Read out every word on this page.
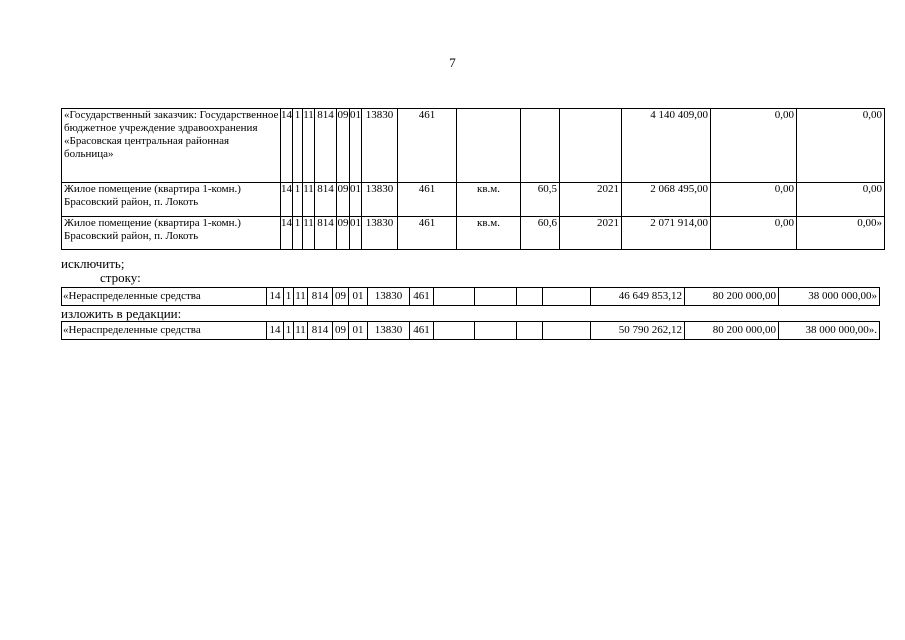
7
«Государственный заказчик: Государственное бюджетное учреждение здравоохранения «Брасовская центральная районная больница»	14	1	11	814	09	01	13830	461				4 140 409,00	0,00	0,00
Жилое помещение (квартира 1-комн.) Брасовский район, п. Локоть	14	1	11	814	09	01	13830	461	кв.м.	60,5	2021	2 068 495,00	0,00	0,00
Жилое помещение (квартира 1-комн.) Брасовский район, п. Локоть	14	1	11	814	09	01	13830	461	кв.м.	60,6	2021	2 071 914,00	0,00	0,00»
исключить;
строку:
«Нераспределенные средства	14	1	11	814	09	01	13830	461					46 649 853,12	80 200 000,00	38 000 000,00»
изложить в редакции:
«Нераспределенные средства	14	1	11	814	09	01	13830	461					50 790 262,12	80 200 000,00	38 000 000,00».
